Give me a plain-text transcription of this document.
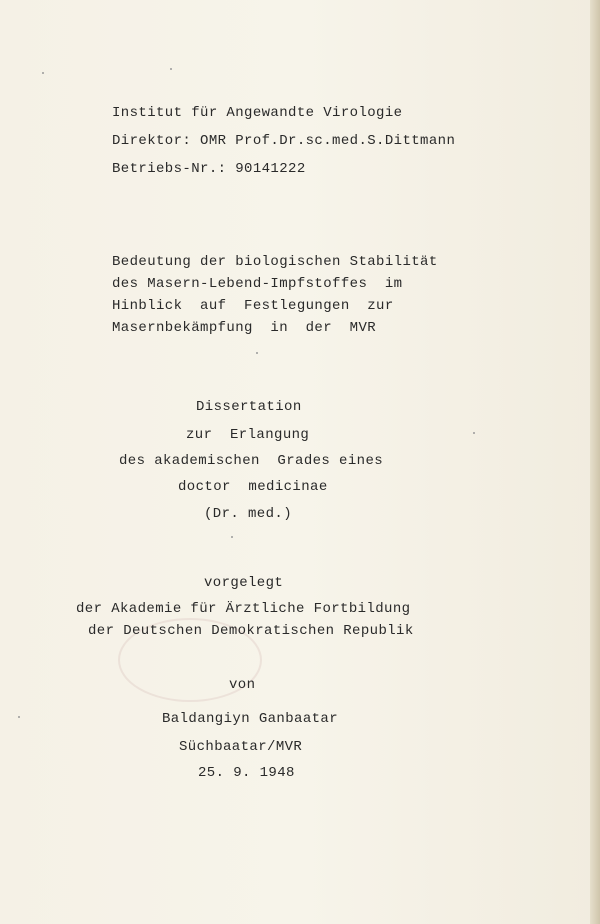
Institut für Angewandte Virologie
Direktor: OMR Prof.Dr.sc.med.S.Dittmann
Betriebs-Nr.: 90141222
Bedeutung der biologischen Stabilität
des Masern-Lebend-Impfstoffes  im
Hinblick  auf  Festlegungen  zur
Masernbekämpfung  in  der  MVR
Dissertation
zur  Erlangung
des akademischen  Grades eines
doctor  medicinae
(Dr. med.)
vorgelegt
der Akademie für Ärztliche Fortbildung
der Deutschen Demokratischen Republik
von
Baldangiyn Ganbaatar
Süchbaatar/MVR
25. 9. 1948
